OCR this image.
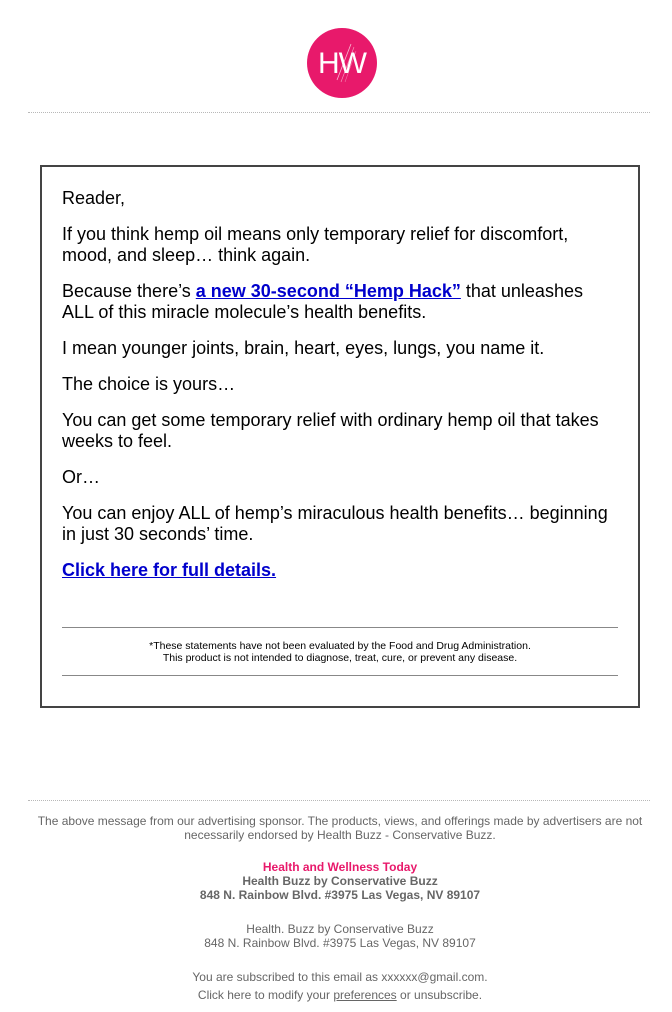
HW

Reader,

If you think hemp oil means only temporary relief for discomfort, mood, and sleep… think again.

Because there’s a new 30-second “Hemp Hack” that unleashes ALL of this miracle molecule’s health benefits.

I mean younger joints, brain, heart, eyes, lungs, you name it.

The choice is yours…

You can get some temporary relief with ordinary hemp oil that takes weeks to feel.

Or…

You can enjoy ALL of hemp’s miraculous health benefits… beginning in just 30 seconds’ time.

Click here for full details.

*These statements have not been evaluated by the Food and Drug Administration.
This product is not intended to diagnose, treat, cure, or prevent any disease.
The above message from our advertising sponsor. The products, views, and offerings made by advertisers are not necessarily endorsed by Health Buzz - Conservative Buzz.
Health and Wellness Today
Health Buzz by Conservative Buzz
848 N. Rainbow Blvd. #3975 Las Vegas, NV 89107
Health. Buzz by Conservative Buzz
848 N. Rainbow Blvd. #3975 Las Vegas, NV 89107
You are subscribed to this email as xxxxxx@gmail.com.
Click here to modify your preferences or unsubscribe.
